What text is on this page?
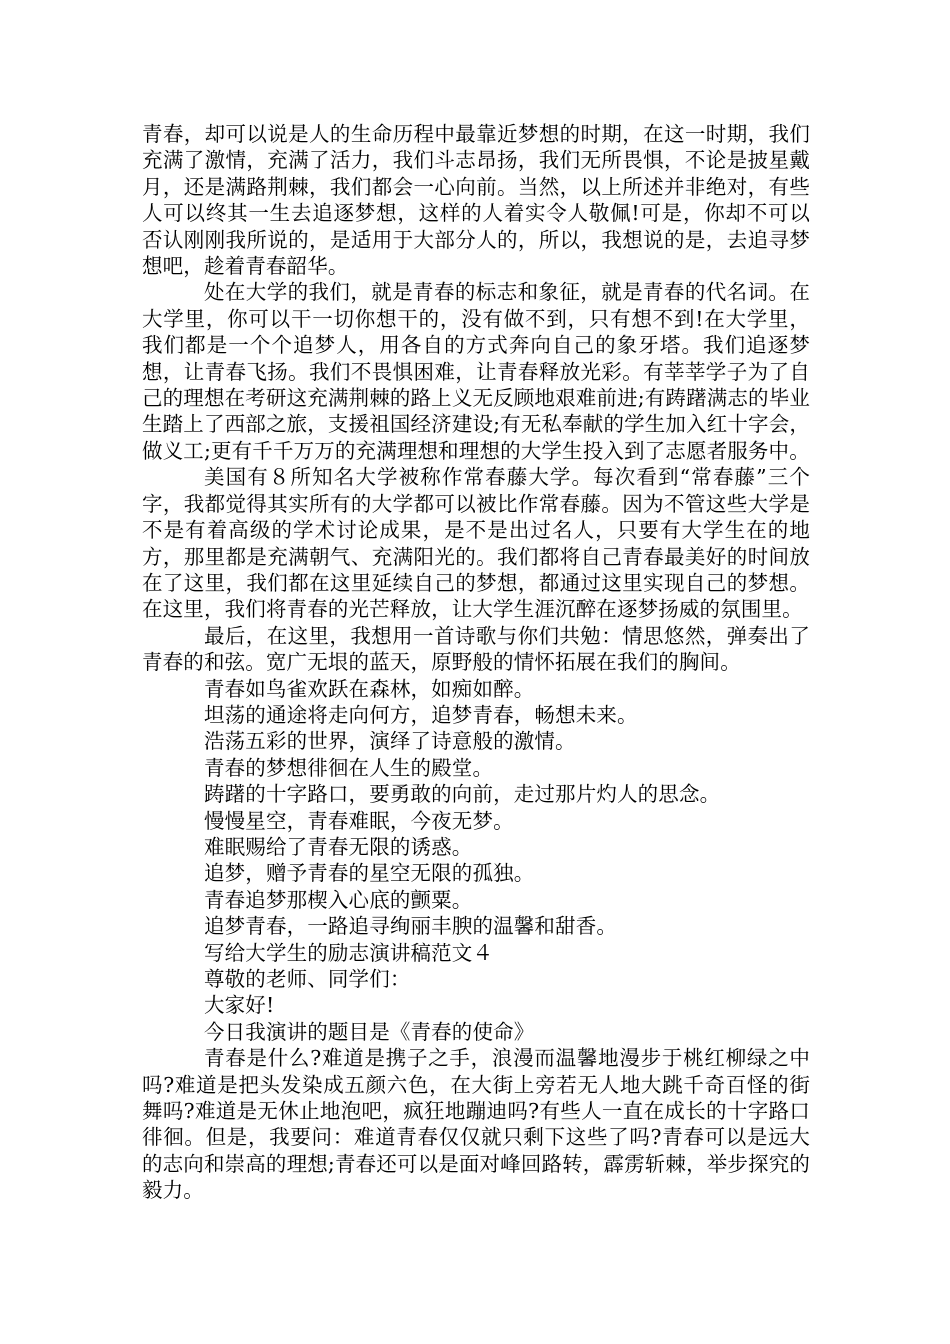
青春，却可以说是人的生命历程中最靠近梦想的时期，在这一时期，我们充满了激情，充满了活力，我们斗志昂扬，我们无所畏惧，不论是披星戴月，还是满路荆棘，我们都会一心向前。当然，以上所述并非绝对，有些人可以终其一生去追逐梦想，这样的人着实令人敬佩!可是，你却不可以否认刚刚我所说的，是适用于大部分人的，所以，我想说的是，去追寻梦想吧，趁着青春韶华。

处在大学的我们，就是青春的标志和象征，就是青春的代名词。在大学里，你可以干一切你想干的，没有做不到，只有想不到!在大学里，我们都是一个个追梦人，用各自的方式奔向自己的象牙塔。我们追逐梦想，让青春飞扬。我们不畏惧困难，让青春释放光彩。有莘莘学子为了自己的理想在考研这充满荆棘的路上义无反顾地艰难前进;有踌躇满志的毕业生踏上了西部之旅，支援祖国经济建设;有无私奉献的学生加入红十字会，做义工;更有千千万万的充满理想和理想的大学生投入到了志愿者服务中。

美国有８所知名大学被称作常春藤大学。每次看到“常春藤”三个字，我都觉得其实所有的大学都可以被比作常春藤。因为不管这些大学是不是有着高级的学术讨论成果，是不是出过名人，只要有大学生在的地方，那里都是充满朝气、充满阳光的。我们都将自己青春最美好的时间放在了这里，我们都在这里延续自己的梦想，都通过这里实现自己的梦想。在这里，我们将青春的光芒释放，让大学生涯沉醉在逐梦扬威的氛围里。

最后，在这里，我想用一首诗歌与你们共勉：情思悠然，弹奏出了青春的和弦。宽广无垠的蓝天，原野般的情怀拓展在我们的胸间。

青春如鸟雀欢跃在森林，如痴如醉。

坦荡的通途将走向何方，追梦青春，畅想未来。

浩荡五彩的世界，演绎了诗意般的激情。

青春的梦想徘徊在人生的殿堂。

踌躇的十字路口，要勇敢的向前，走过那片灼人的思念。

慢慢星空，青春难眠，今夜无梦。

难眠赐给了青春无限的诱惑。

追梦，赠予青春的星空无限的孤独。

青春追梦那楔入心底的颤粟。

追梦青春，一路追寻绚丽丰腴的温馨和甜香。

写给大学生的励志演讲稿范文４

尊敬的老师、同学们：

大家好!

今日我演讲的题目是《青春的使命》

青春是什么?难道是携子之手，浪漫而温馨地漫步于桃红柳绿之中吗?难道是把头发染成五颜六色，在大街上旁若无人地大跳千奇百怪的街舞吗?难道是无休止地泡吧，疯狂地蹦迪吗?有些人一直在成长的十字路口徘徊。但是，我要问：难道青春仅仅就只剩下这些了吗?青春可以是远大的志向和崇高的理想;青春还可以是面对峰回路转，霹雳斩棘，举步探究的毅力。
